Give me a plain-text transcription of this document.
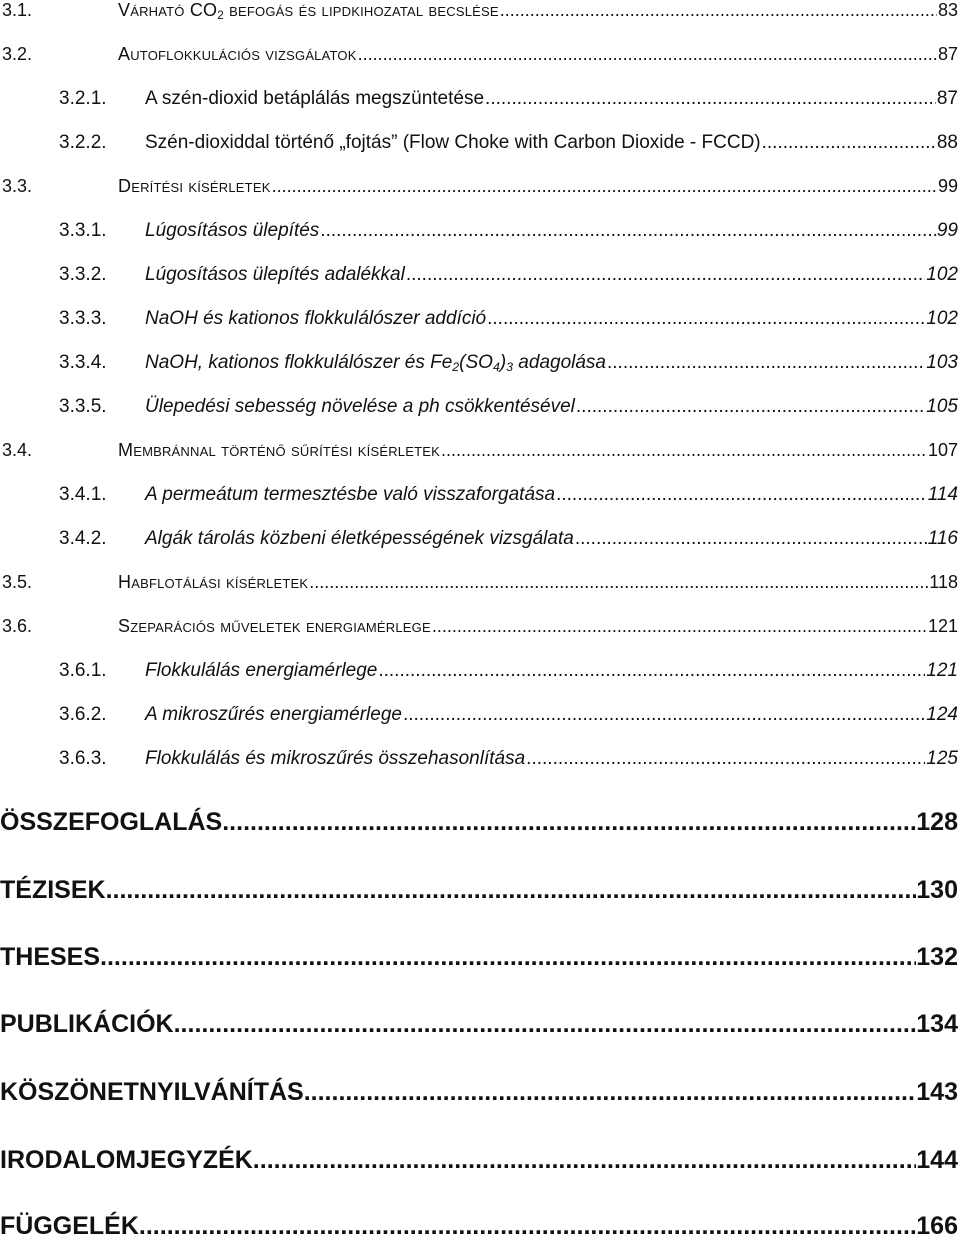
3.1.	Várható $CO_2$ befogás és lipdkihozatal becslése .....	83
3.2.	Autoflokkulációs vizsgálatok .....	87
3.2.1.	A szén-dioxid betáplálás megszüntetése .....	87
3.2.2.	Szén-dioxiddal történő „fojtás” (Flow Choke with Carbon Dioxide - FCCD) .....	88
3.3.	Derítési kísérletek .....	99
3.3.1.	Lúgosításos ülepítés .....	99
3.3.2.	Lúgosításos ülepítés adalékkal .....	102
3.3.3.	NaOH és kationos flokkulálószer addíció .....	102
3.3.4.	NaOH, kationos flokkulálószer és $Fe_2(SO_4)_3$ adagolása .....	103
3.3.5.	Ülepedési sebesség növelése a ph csökkentésével .....	105
3.4.	Membránnal történő sűrítési kísérletek .....	107
3.4.1.	A permeátum termesztésbe való visszaforgatása .....	114
3.4.2.	Algák tárolás közbeni életképességének vizsgálata .....	116
3.5.	Habflotálási kísérletek .....	118
3.6.	Szeparációs műveletek energiamérlege .....	121
3.6.1.	Flokkulálás energiamérlege .....	121
3.6.2.	A mikroszűrés energiamérlege .....	124
3.6.3.	Flokkulálás és mikroszűrés összehasonlítása .....	125
ÖSSZEFOGLALÁS .....	128
TÉZISEK .....	130
THESES .....	132
PUBLIKÁCIÓK .....	134
KÖSZÖNETNYILVÁNÍTÁS .....	143
IRODALOMJEGYZÉK .....	144
FÜGGELÉK .....	166
